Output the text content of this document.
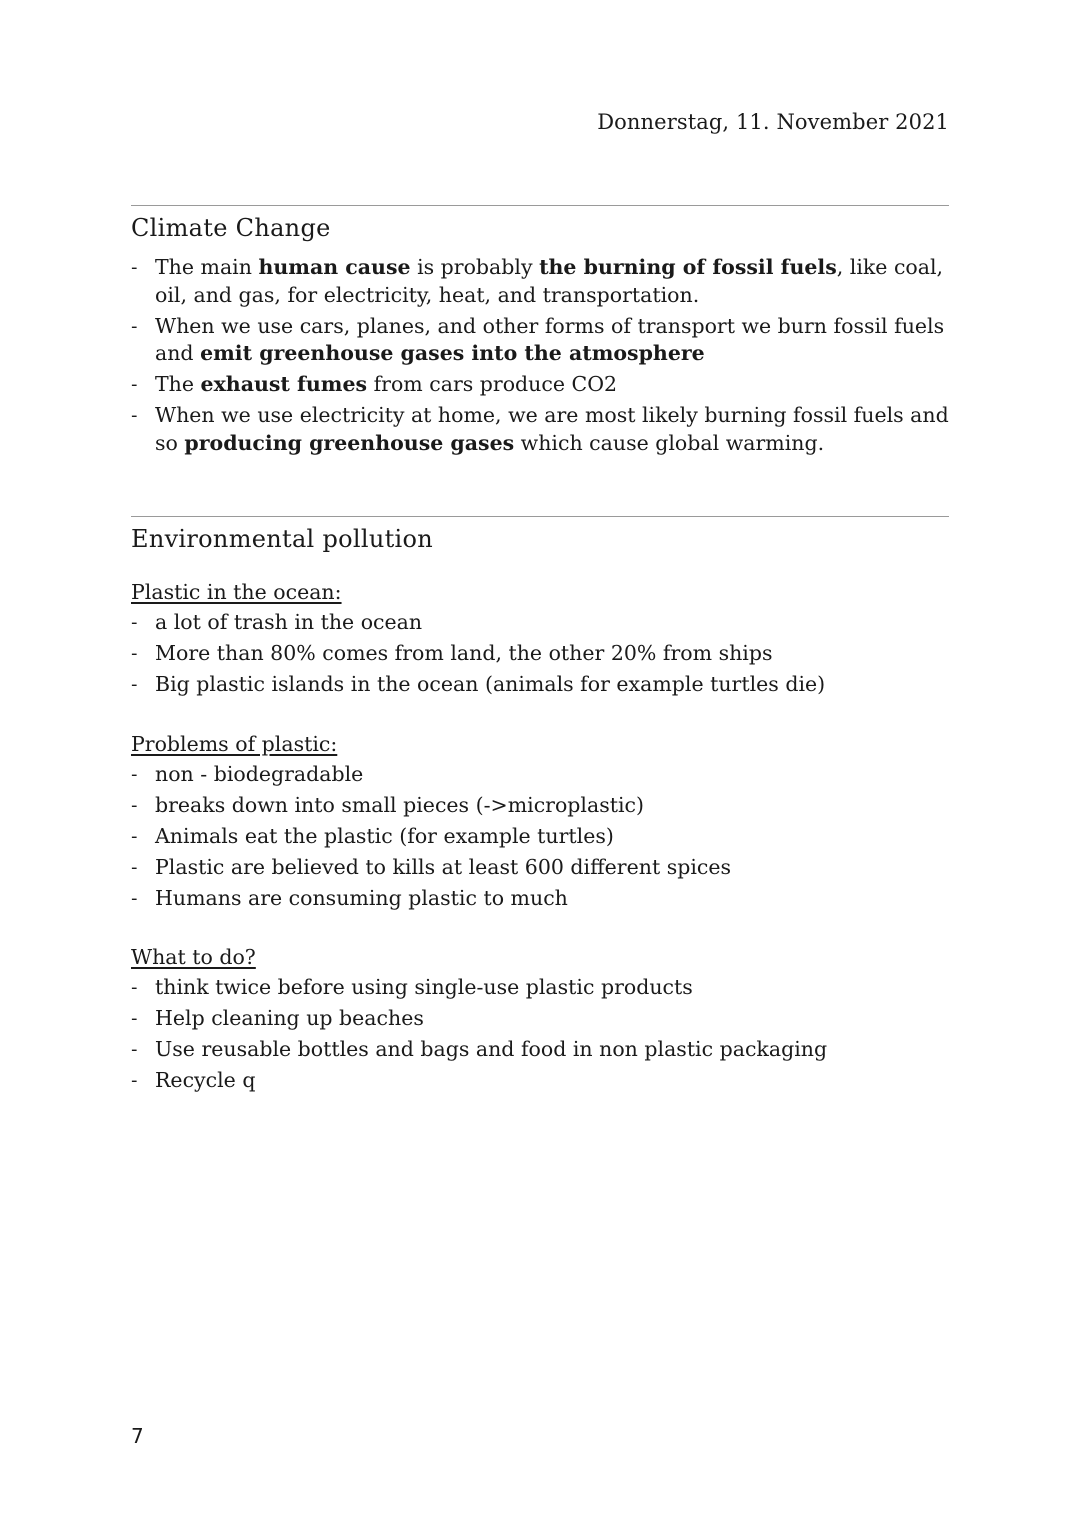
Donnerstag, 11. November 2021
Climate Change
- The main human cause is probably the burning of fossil fuels, like coal, oil, and gas, for electricity, heat, and transportation.
- When we use cars, planes, and other forms of transport we burn fossil fuels and emit greenhouse gases into the atmosphere
- The exhaust fumes from cars produce CO2
- When we use electricity at home, we are most likely burning fossil fuels and so producing greenhouse gases which cause global warming.
Environmental pollution
Plastic in the ocean:
- a lot of trash in the ocean
- More than 80% comes from land, the other 20% from ships
- Big plastic islands in the ocean (animals for example turtles die)
Problems of plastic:
- non - biodegradable
- breaks down into small pieces (->microplastic)
- Animals eat the plastic (for example turtles)
- Plastic are believed to kills at least 600 different spices
- Humans are consuming plastic to much
What to do?
- think twice before using single-use plastic products
- Help cleaning up beaches
- Use reusable bottles and bags and food in non plastic packaging
- Recycle q
7
